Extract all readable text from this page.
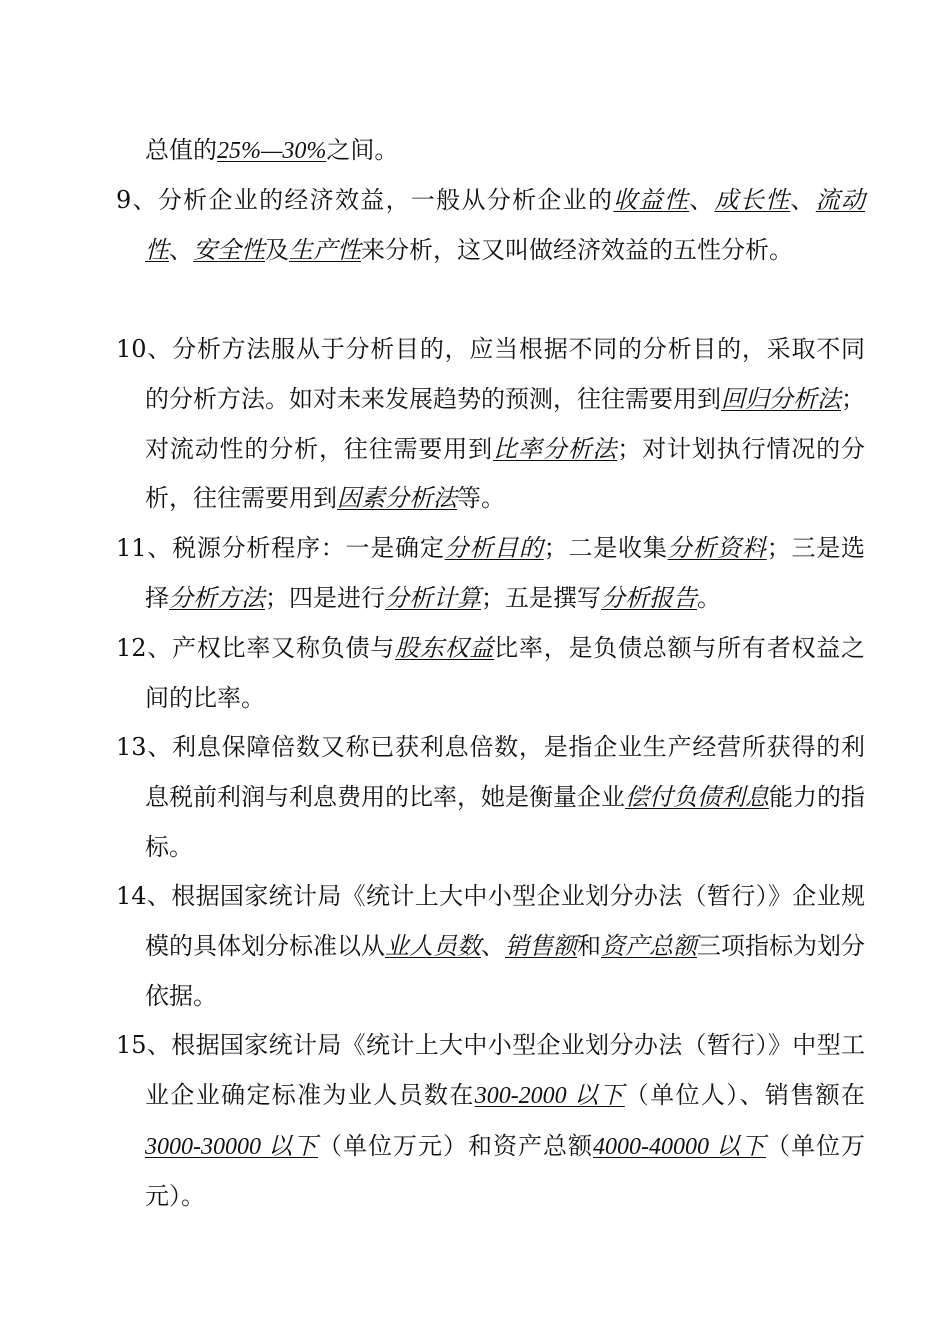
总值的25%—30%之间。

9、分析企业的经济效益，一般从分析企业的收益性、成长性、流动性、安全性及生产性来分析，这又叫做经济效益的五性分析。

10、分析方法服从于分析目的，应当根据不同的分析目的，采取不同的分析方法。如对未来发展趋势的预测，往往需要用到回归分析法；对流动性的分析，往往需要用到比率分析法；对计划执行情况的分析，往往需要用到因素分析法等。

11、税源分析程序：一是确定分析目的；二是收集分析资料；三是选择分析方法；四是进行分析计算；五是撰写分析报告。

12、产权比率又称负债与股东权益比率，是负债总额与所有者权益之间的比率。

13、利息保障倍数又称已获利息倍数，是指企业生产经营所获得的利息税前利润与利息费用的比率，她是衡量企业偿付负债利息能力的指标。

14、根据国家统计局《统计上大中小型企业划分办法（暂行）》企业规模的具体划分标准以从业人员数、销售额和资产总额三项指标为划分依据。

15、根据国家统计局《统计上大中小型企业划分办法（暂行）》中型工业企业确定标准为业人员数在300-2000 以下（单位人）、销售额在3000-30000 以下（单位万元）和资产总额4000-40000 以下（单位万元）。
